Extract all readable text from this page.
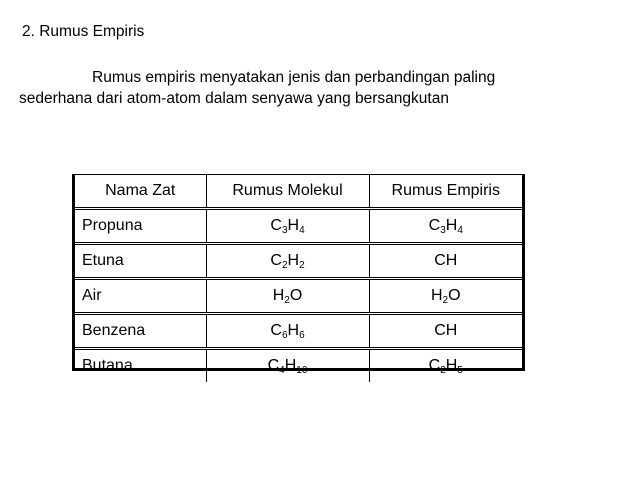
2. Rumus Empiris
Rumus empiris menyatakan jenis dan perbandingan paling
sederhana dari atom-atom dalam senyawa yang bersangkutan
Nama Zat	Rumus Molekul	Rumus Empiris
Propuna	$C_3H_4$	$C_3H_4$
Etuna	$C_2H_2$	CH
Air	$H_2O$	$H_2O$
Benzena	$C_6H_6$	CH
Butana	$C_4H_{10}$	$C_2H_5$
